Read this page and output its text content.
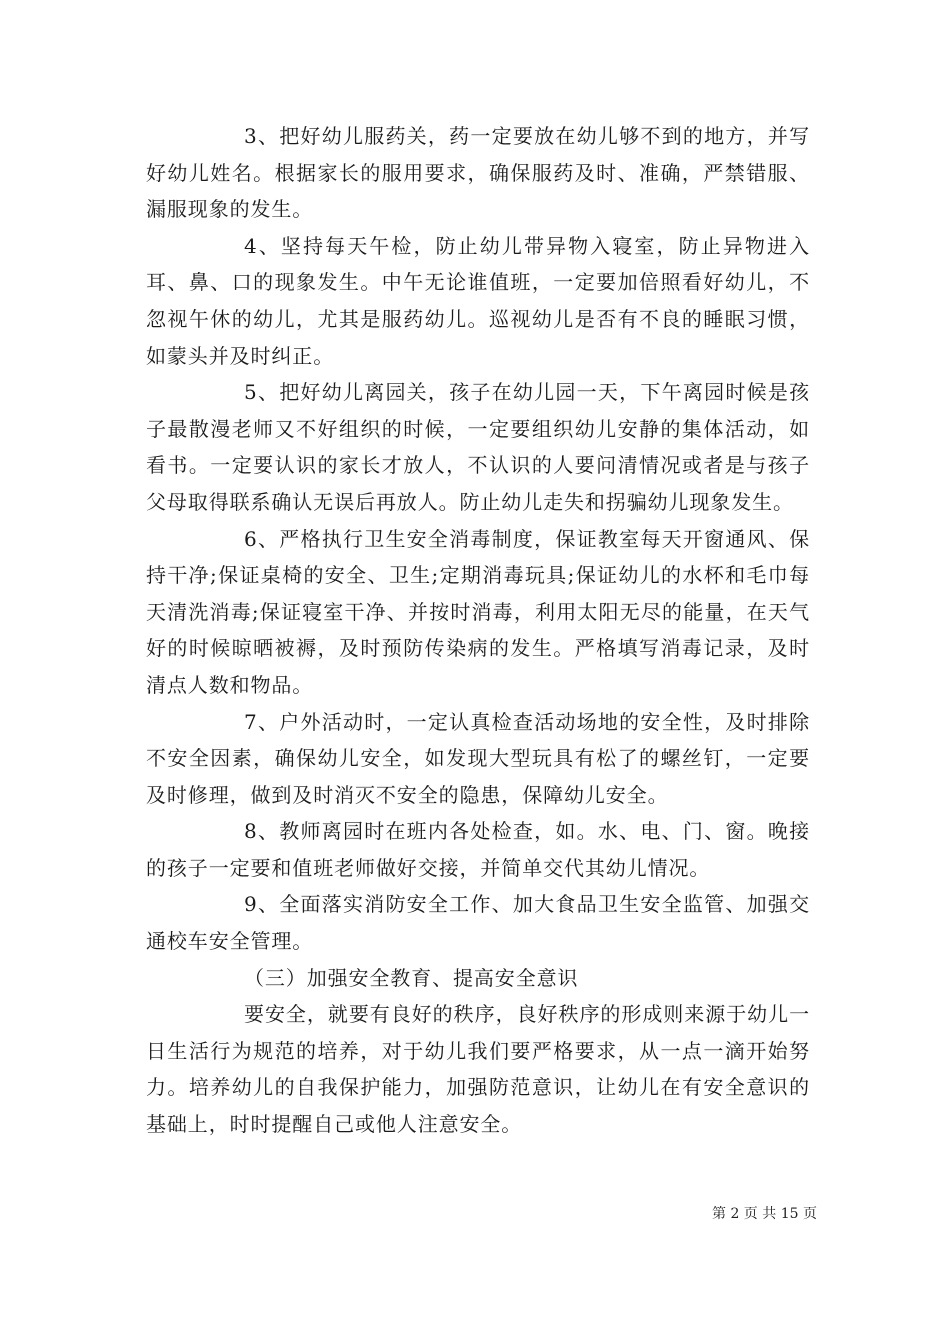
3、把好幼儿服药关，药一定要放在幼儿够不到的地方，并写好幼儿姓名。根据家长的服用要求，确保服药及时、准确，严禁错服、漏服现象的发生。

4、坚持每天午检，防止幼儿带异物入寝室，防止异物进入耳、鼻、口的现象发生。中午无论谁值班，一定要加倍照看好幼儿，不忽视午休的幼儿，尤其是服药幼儿。巡视幼儿是否有不良的睡眠习惯，如蒙头并及时纠正。

5、把好幼儿离园关，孩子在幼儿园一天，下午离园时候是孩子最散漫老师又不好组织的时候，一定要组织幼儿安静的集体活动，如看书。一定要认识的家长才放人，不认识的人要问清情况或者是与孩子父母取得联系确认无误后再放人。防止幼儿走失和拐骗幼儿现象发生。

6、严格执行卫生安全消毒制度，保证教室每天开窗通风、保持干净;保证桌椅的安全、卫生;定期消毒玩具;保证幼儿的水杯和毛巾每天清洗消毒;保证寝室干净、并按时消毒，利用太阳无尽的能量，在天气好的时候晾晒被褥，及时预防传染病的发生。严格填写消毒记录，及时清点人数和物品。

7、户外活动时，一定认真检查活动场地的安全性，及时排除不安全因素，确保幼儿安全，如发现大型玩具有松了的螺丝钉，一定要及时修理，做到及时消灭不安全的隐患，保障幼儿安全。

8、教师离园时在班内各处检查，如。水、电、门、窗。晚接的孩子一定要和值班老师做好交接，并简单交代其幼儿情况。

9、全面落实消防安全工作、加大食品卫生安全监管、加强交通校车安全管理。

（三）加强安全教育、提高安全意识

要安全，就要有良好的秩序，良好秩序的形成则来源于幼儿一日生活行为规范的培养，对于幼儿我们要严格要求，从一点一滴开始努力。培养幼儿的自我保护能力，加强防范意识，让幼儿在有安全意识的基础上，时时提醒自己或他人注意安全。

第 2 页 共 15 页
